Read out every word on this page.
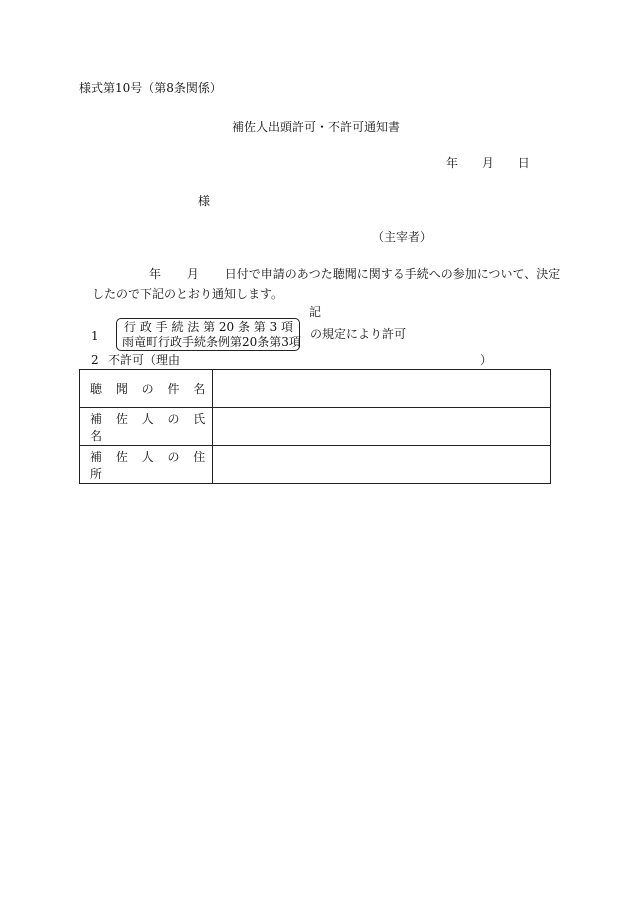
様式第10号（第8条関係）
補佐人出頭許可・不許可通知書
年 月 日
様
（主宰者）
年 月 日付で申請のあつた聴聞に関する手続への参加について、決定
したので下記のとおり通知します。
記
1
行 政 手 続 法 第 20 条 第 3 項
雨竜町行政手続条例第20条第3項
の規定により許可
2 不許可（理由	）
聴 聞 の 件 名	
補 佐 人 の 氏 名	
補 佐 人 の 住 所	
